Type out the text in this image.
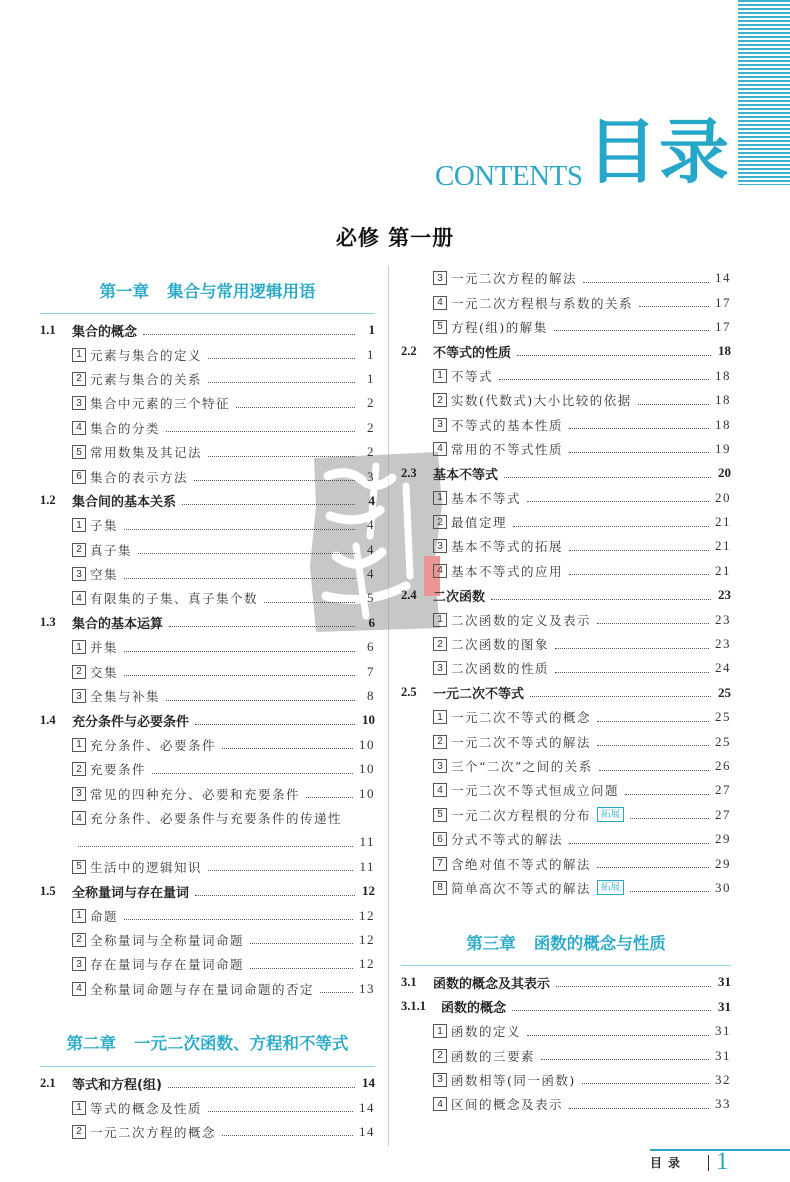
CONTENTS 目录
必修 第一册
第一章 集合与常用逻辑用语
1.1	集合的概念	1
1 元素与集合的定义	1
2 元素与集合的关系	1
3 集合中元素的三个特征	2
4 集合的分类	2
5 常用数集及其记法	2
6 集合的表示方法	3
1.2	集合间的基本关系	4
1 子集	4
2 真子集	4
3 空集	4
4 有限集的子集、真子集个数	5
1.3	集合的基本运算	6
1 并集	6
2 交集	7
3 全集与补集	8
1.4	充分条件与必要条件	10
1 充分条件、必要条件	10
2 充要条件	10
3 常见的四种充分、必要和充要条件	10
4 充分条件、必要条件与充要条件的传递性
11
5 生活中的逻辑知识	11
1.5	全称量词与存在量词	12
1 命题	12
2 全称量词与全称量词命题	12
3 存在量词与存在量词命题	12
4 全称量词命题与存在量词命题的否定	13
第二章 一元二次函数、方程和不等式
2.1	等式和方程(组)	14
1 等式的概念及性质	14
2 一元二次方程的概念	14
3 一元二次方程的解法	14
4 一元二次方程根与系数的关系	17
5 方程(组)的解集	17
2.2	不等式的性质	18
1 不等式	18
2 实数(代数式)大小比较的依据	18
3 不等式的基本性质	18
4 常用的不等式性质	19
2.3	基本不等式	20
1 基本不等式	20
2 最值定理	21
3 基本不等式的拓展	21
4 基本不等式的应用	21
2.4	二次函数	23
1 二次函数的定义及表示	23
2 二次函数的图象	23
3 二次函数的性质	24
2.5	一元二次不等式	25
1 一元二次不等式的概念	25
2 一元二次不等式的解法	25
3 三个“二次”之间的关系	26
4 一元二次不等式恒成立问题	27
5 一元二次方程根的分布	拓展	27
6 分式不等式的解法	29
7 含绝对值不等式的解法	29
8 简单高次不等式的解法	拓展	30
第三章 函数的概念与性质
3.1	函数的概念及其表示	31
3.1.1	函数的概念	31
1 函数的定义	31
2 函数的三要素	31
3 函数相等(同一函数)	32
4 区间的概念及表示	33
目录 1
